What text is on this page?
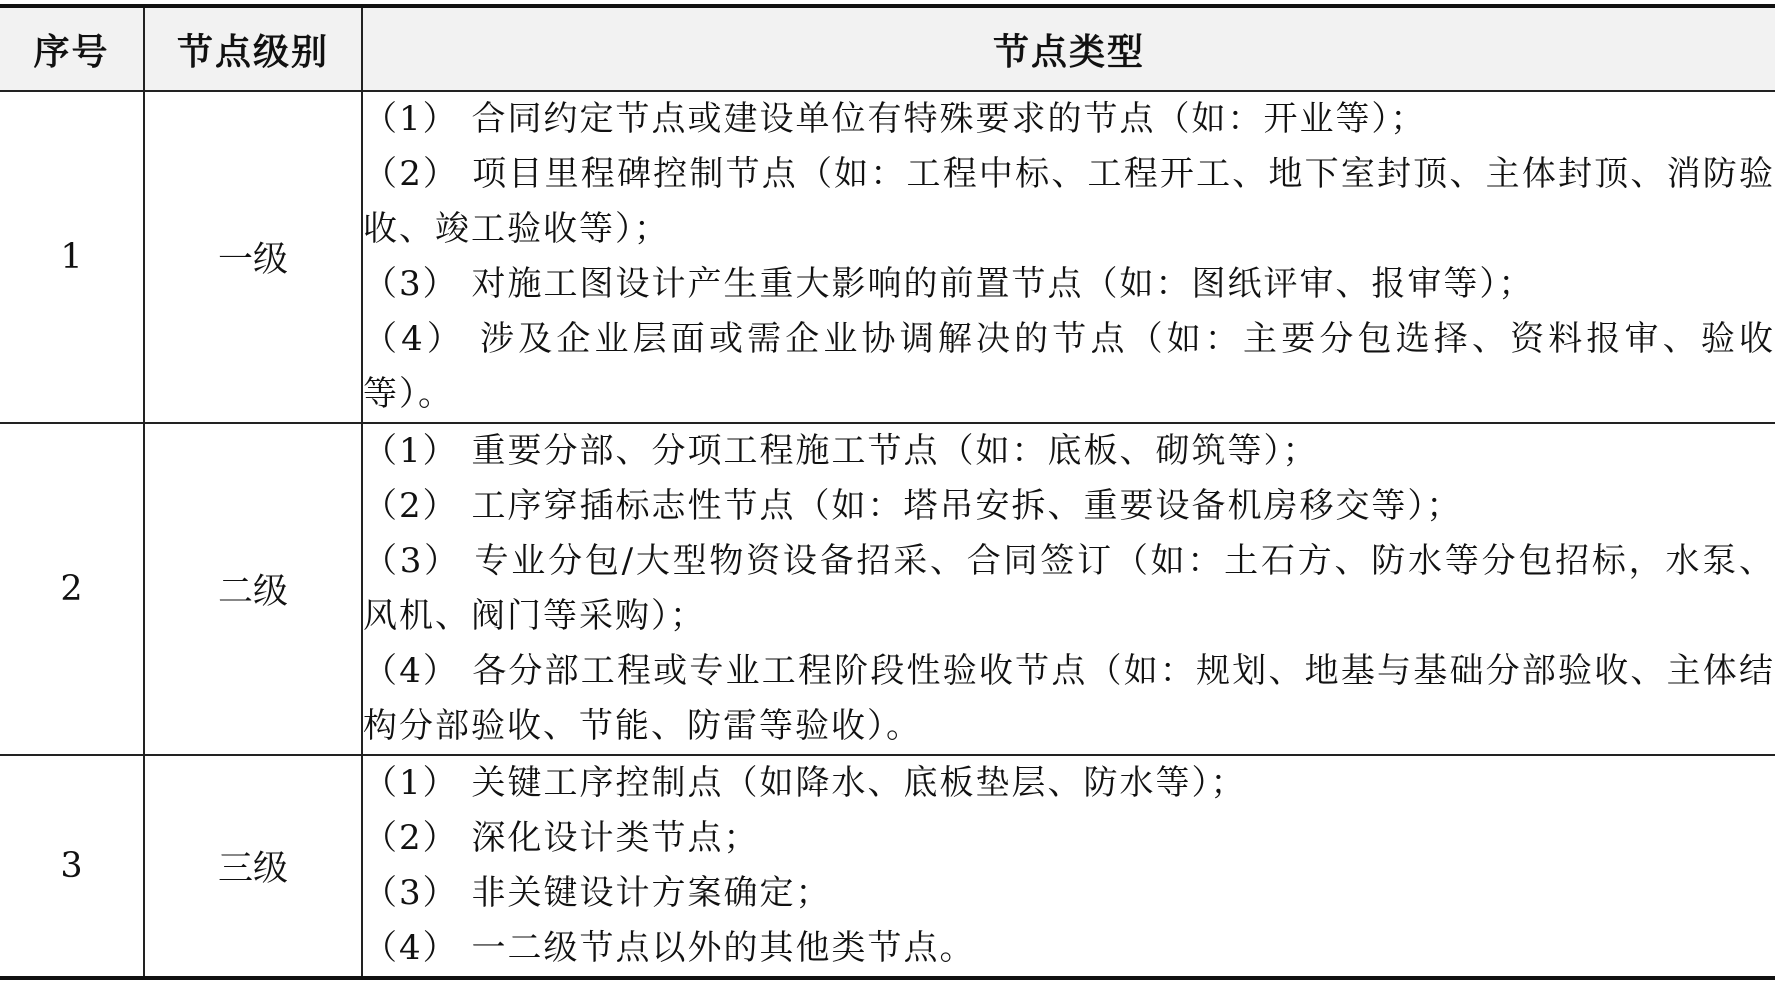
序号	节点级别	节点类型
1	一级	（1） 合同约定节点或建设单位有特殊要求的节点（如：开业等）；
（2） 项目里程碑控制节点（如：工程中标、工程开工、地下室封顶、主体封顶、消防验收、竣工验收等）；
（3） 对施工图设计产生重大影响的前置节点（如：图纸评审、报审等）；
（4） 涉及企业层面或需企业协调解决的节点（如：主要分包选择、资料报审、验收等）。

2	二级	（1） 重要分部、分项工程施工节点（如：底板、砌筑等）；
（2） 工序穿插标志性节点（如：塔吊安拆、重要设备机房移交等）；
（3） 专业分包/大型物资设备招采、合同签订（如：土石方、防水等分包招标，水泵、风机、阀门等采购）；
（4） 各分部工程或专业工程阶段性验收节点（如：规划、地基与基础分部验收、主体结构分部验收、节能、防雷等验收）。

3	三级	（1） 关键工序控制点（如降水、底板垫层、防水等）；
（2） 深化设计类节点；
（3） 非关键设计方案确定；
（4） 一二级节点以外的其他类节点。
